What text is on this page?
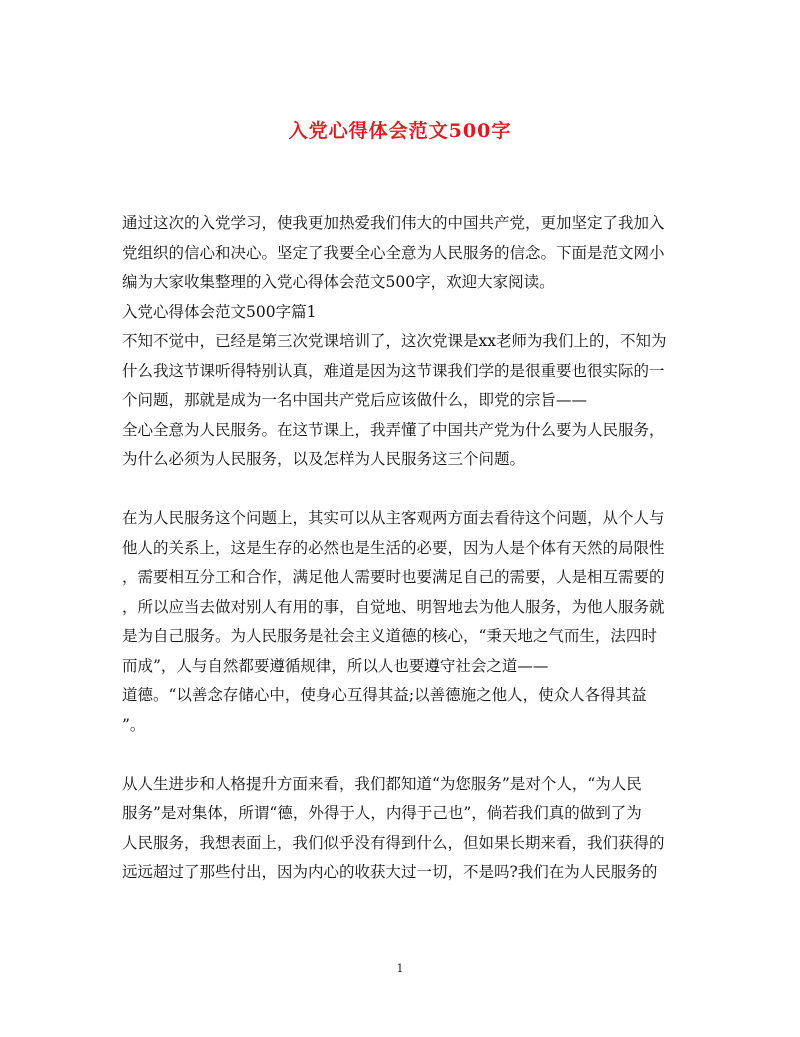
入党心得体会范文500字
通过这次的入党学习，使我更加热爱我们伟大的中国共产党，更加坚定了我加入
党组织的信心和决心。坚定了我要全心全意为人民服务的信念。下面是范文网小
编为大家收集整理的入党心得体会范文500字，欢迎大家阅读。
入党心得体会范文500字篇1
不知不觉中，已经是第三次党课培训了，这次党课是xx老师为我们上的，不知为
什么我这节课听得特别认真，难道是因为这节课我们学的是很重要也很实际的一
个问题，那就是成为一名中国共产党后应该做什么，即党的宗旨——
全心全意为人民服务。在这节课上，我弄懂了中国共产党为什么要为人民服务，
为什么必须为人民服务，以及怎样为人民服务这三个问题。
在为人民服务这个问题上，其实可以从主客观两方面去看待这个问题，从个人与
他人的关系上，这是生存的必然也是生活的必要，因为人是个体有天然的局限性
，需要相互分工和合作，满足他人需要时也要满足自己的需要，人是相互需要的
，所以应当去做对别人有用的事，自觉地、明智地去为他人服务，为他人服务就
是为自己服务。为人民服务是社会主义道德的核心，“秉天地之气而生，法四时
而成”，人与自然都要遵循规律，所以人也要遵守社会之道——
道德。“以善念存储心中，使身心互得其益;以善德施之他人，使众人各得其益
”。
从人生进步和人格提升方面来看，我们都知道“为您服务”是对个人，“为人民
服务”是对集体，所谓“德，外得于人，内得于己也”，倘若我们真的做到了为
人民服务，我想表面上，我们似乎没有得到什么，但如果长期来看，我们获得的
远远超过了那些付出，因为内心的收获大过一切，不是吗?我们在为人民服务的
1
